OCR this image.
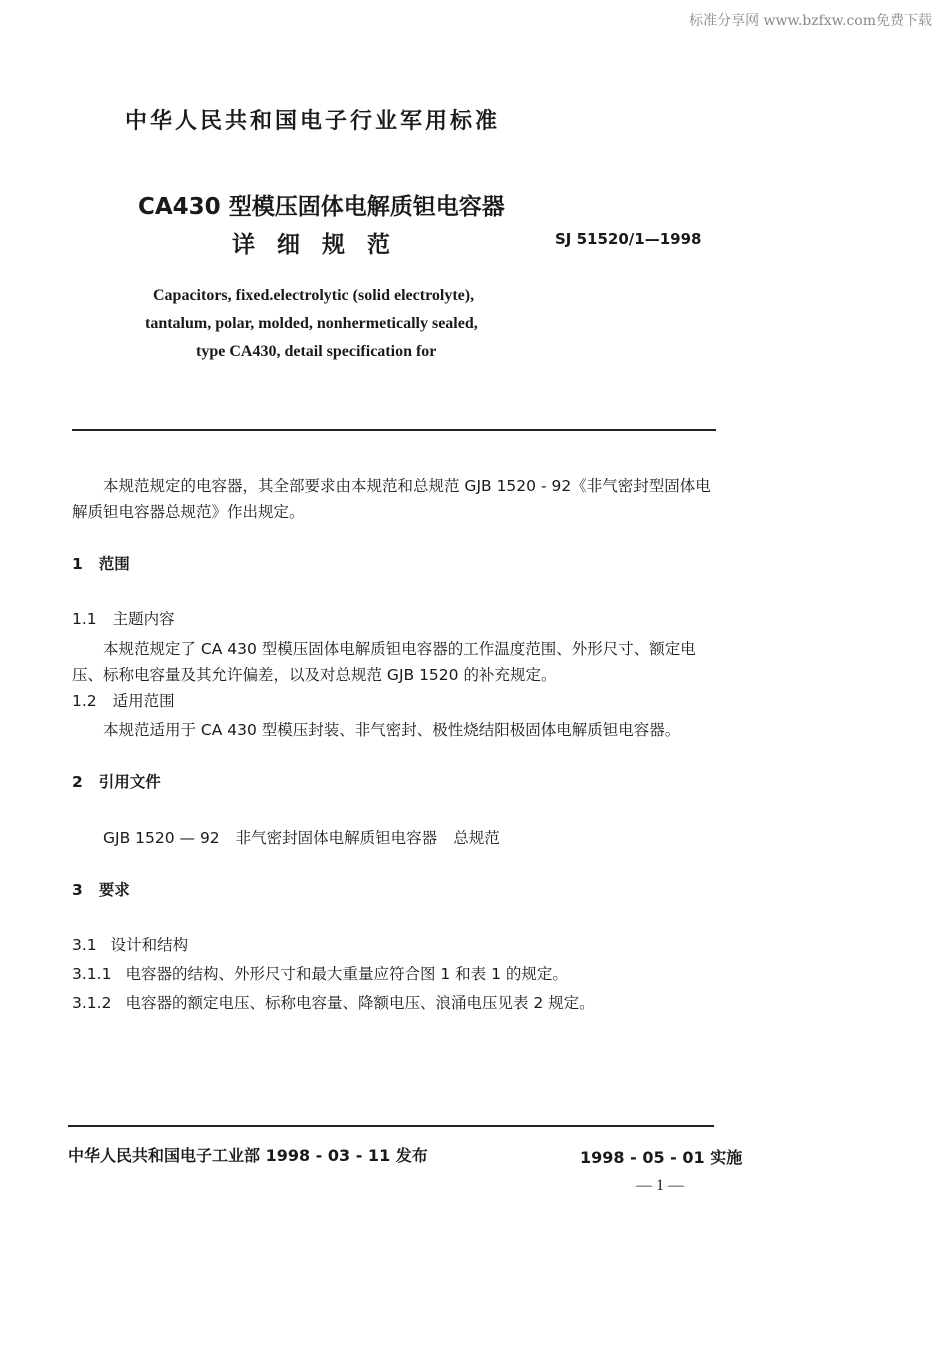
标准分享网 www.bzfxw.com免费下载
中华人民共和国电子行业军用标准
CA430 型模压固体电解质钽电容器
详细规范	SJ 51520/1—1998
Capacitors, fixed.electrolytic (solid electrolyte),
tantalum, polar, molded, nonhermetically sealed,
type CA430, detail specification for
本规范规定的电容器，其全部要求由本规范和总规范 GJB 1520 - 92《非气密封型固体电
解质钽电容器总规范》作出规定。
1 范围
1.1 主题内容
本规范规定了 CA 430 型模压固体电解质钽电容器的工作温度范围、外形尺寸、额定电
压、标称电容量及其允许偏差，以及对总规范 GJB 1520 的补充规定。
1.2 适用范围
本规范适用于 CA 430 型模压封装、非气密封、极性烧结阳极固体电解质钽电容器。
2 引用文件
GJB 1520 — 92 非气密封固体电解质钽电容器 总规范
3 要求
3.1 设计和结构
3.1.1 电容器的结构、外形尺寸和最大重量应符合图 1 和表 1 的规定。
3.1.2 电容器的额定电压、标称电容量、降额电压、浪涌电压见表 2 规定。
中华人民共和国电子工业部 1998 - 03 - 11 发布	1998 - 05 - 01 实施
— 1 —
